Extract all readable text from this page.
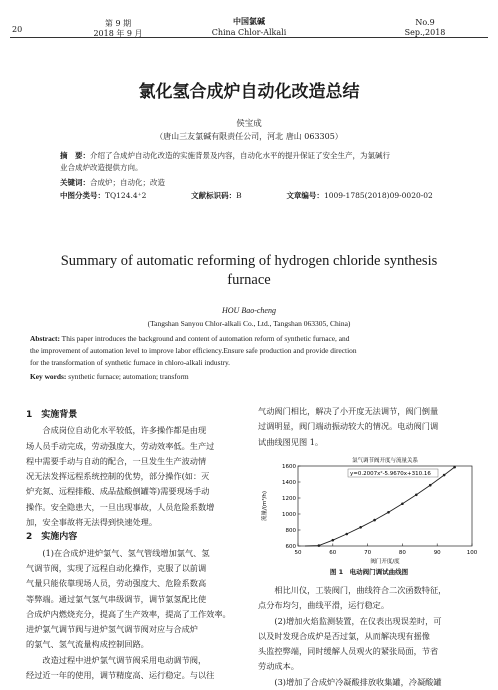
20
第 9 期
2018 年 9 月
中国氯碱
China Chlor-Alkali
No.9
Sep.,2018
氯化氢合成炉自动化改造总结
侯宝成
（唐山三友氯碱有限责任公司，河北 唐山 063305）
摘　要：介绍了合成炉自动化改造的实施背景及内容，自动化水平的提升保证了安全生产，为氯碱行
业合成炉改造提供方向。
关键词：合成炉；自动化；改造
中图分类号：TQ124.4⁺2	文献标识码：B	文章编号：1009-1785(2018)09-0020-02
Summary of automatic reforming of hydrogen chloride synthesis
furnace
HOU Bao-cheng
(Tangshan Sanyou Chlor-alkali Co., Ltd., Tangshan 063305, China)
Abstract: This paper introduces the background and content of automation reform of synthetic furnace, and
the improvement of automation level to improve labor efficiency.Ensure safe production and provide direction
for the transformation of synthetic furnace in chloro-alkali industry.
Key words: synthetic furnace; automation; transform
1　实施背景
　　合成岗位自动化水平较低，许多操作都是由现
场人员手动完成，劳动强度大，劳动效率低。生产过
程中需要手动与自动的配合，一旦发生生产波动情
况无法发挥远程系统控制的优势，部分操作(如：灭
炉充氮、远程排酸、成品盐酸倒罐等)需要现场手动
操作。安全隐患大，一旦出现事故，人员危险系数增
加，安全事故将无法得到快速处理。
2　实施内容
　　(1)在合成炉进炉氯气、氢气管线增加氯气、氢
气调节阀，实现了远程自动化操作，克服了以前调
气量只能依靠现场人员，劳动强度大、危险系数高
等弊端。通过氯气氢气串级调节，调节氯氢配比使
合成炉内燃烧充分，提高了生产效率，提高了工作效率。
进炉氯气调节阀与进炉氢气调节阀对应与合成炉
的氯气、氢气流量构成控制回路。
　　改造过程中进炉氯气调节阀采用电动调节阀，
经过近一年的使用，调节精度高、运行稳定。与以往
气动阀门相比，解决了小开度无法调节，阀门倒量
过调明显，阀门端动振动较大的情况。电动阀门调
试曲线图见图 1。
50	60	70	80	90	100
600
800
1000
1200
1400
1600
氯气调节阀开度与流量关系
y=0.2007x²-5.9670x+310.16
阀门开度/度
流量/(m³/h)
图 1　电动阀门调试曲线图
相比川仪，工装阀门，曲线符合二次函数特征，
点分布均匀，曲线平滑，运行稳定。
　　(2)增加火焰监测装置，在仪表出现误差时，可
以及时发现合成炉是否过氯，从而解决现有摇像
头监控弊端，同时缓解人员观火的紧张局面，节省
劳动成本。
　　(3)增加了合成炉冷凝酸排放收集罐，冷凝酸罐
